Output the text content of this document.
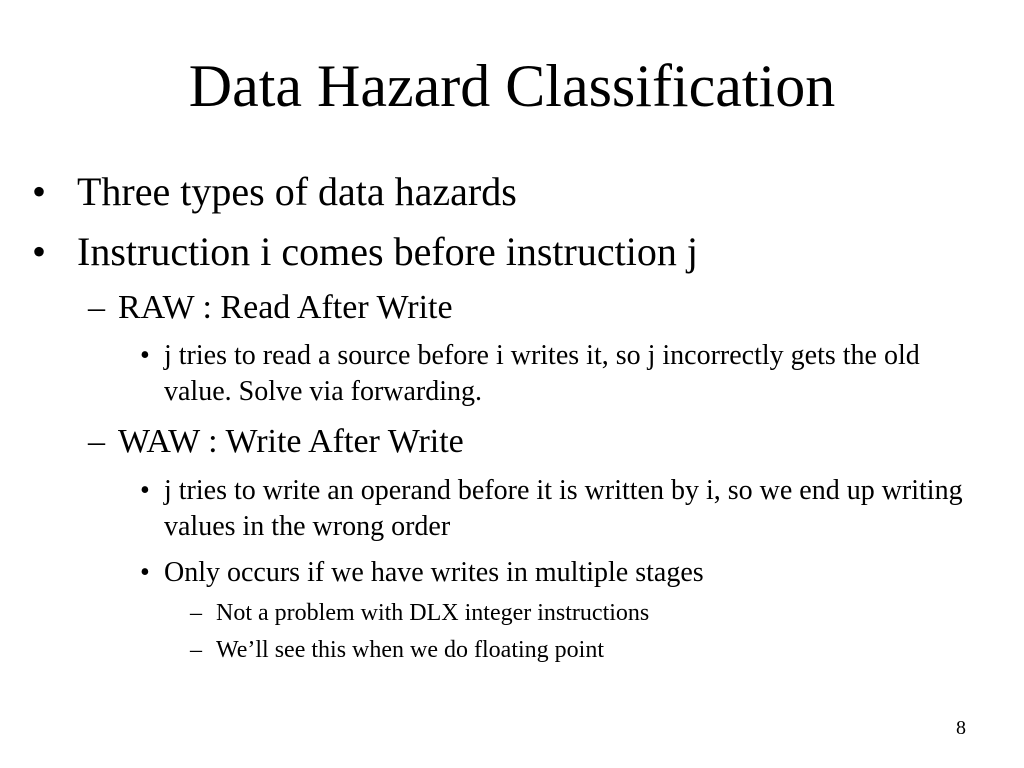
Data Hazard Classification
• Three types of data hazards
• Instruction i comes before instruction j
– RAW : Read After Write
• j tries to read a source before i writes it, so j incorrectly gets the old value. Solve via forwarding.
– WAW : Write After Write
• j tries to write an operand before it is written by i, so we end up writing values in the wrong order
• Only occurs if we have writes in multiple stages
– Not a problem with DLX integer instructions
– We’ll see this when we do floating point
8
